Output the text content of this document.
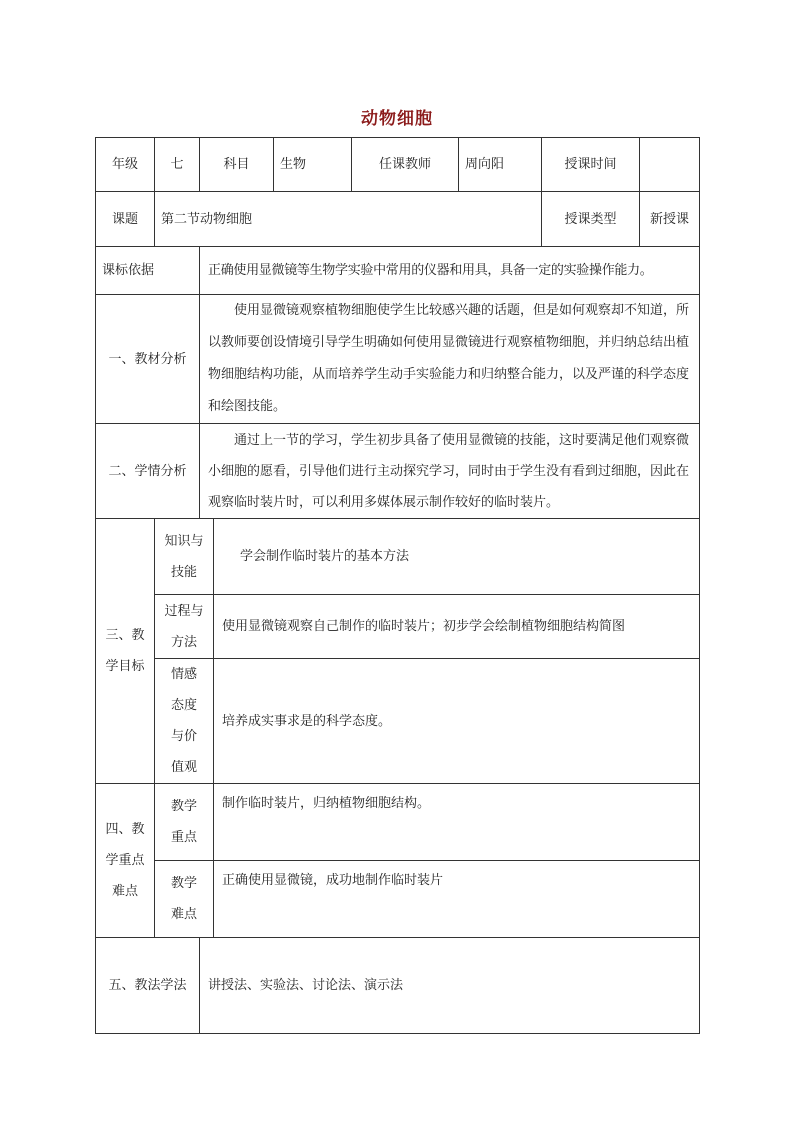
动物细胞
年级	七	科目		生物	任课教师	周向阳	授课时间	
课题	第二节动物细胞						授课类型	新授课
课标依据		正确使用显微镜等生物学实验中常用的仪器和用具，具备一定的实验操作能力。						
一、教材分析		使用显微镜观察植物细胞使学生比较感兴趣的话题，但是如何观察却不知道，所以教师要创设情境引导学生明确如何使用显微镜进行观察植物细胞，并归纳总结出植物细胞结构功能，从而培养学生动手实验能力和归纳整合能力，以及严谨的科学态度和绘图技能。						
二、学情分析		通过上一节的学习，学生初步具备了使用显微镜的技能，这时要满足他们观察微小细胞的愿看，引导他们进行主动探究学习，同时由于学生没有看到过细胞，因此在观察临时装片时，可以利用多媒体展示制作较好的临时装片。						
三、教学目标	知识与技能		学会制作临时装片的基本方法					
	过程与方法		使用显微镜观察自己制作的临时装片；初步学会绘制植物细胞结构简图					
	情感态度与价值观		培养成实事求是的科学态度。					
四、教学重点难点	教学重点		制作临时装片，归纳植物细胞结构。					
	教学难点		正确使用显微镜，成功地制作临时装片					
五、教法学法		讲授法、实验法、讨论法、演示法						
